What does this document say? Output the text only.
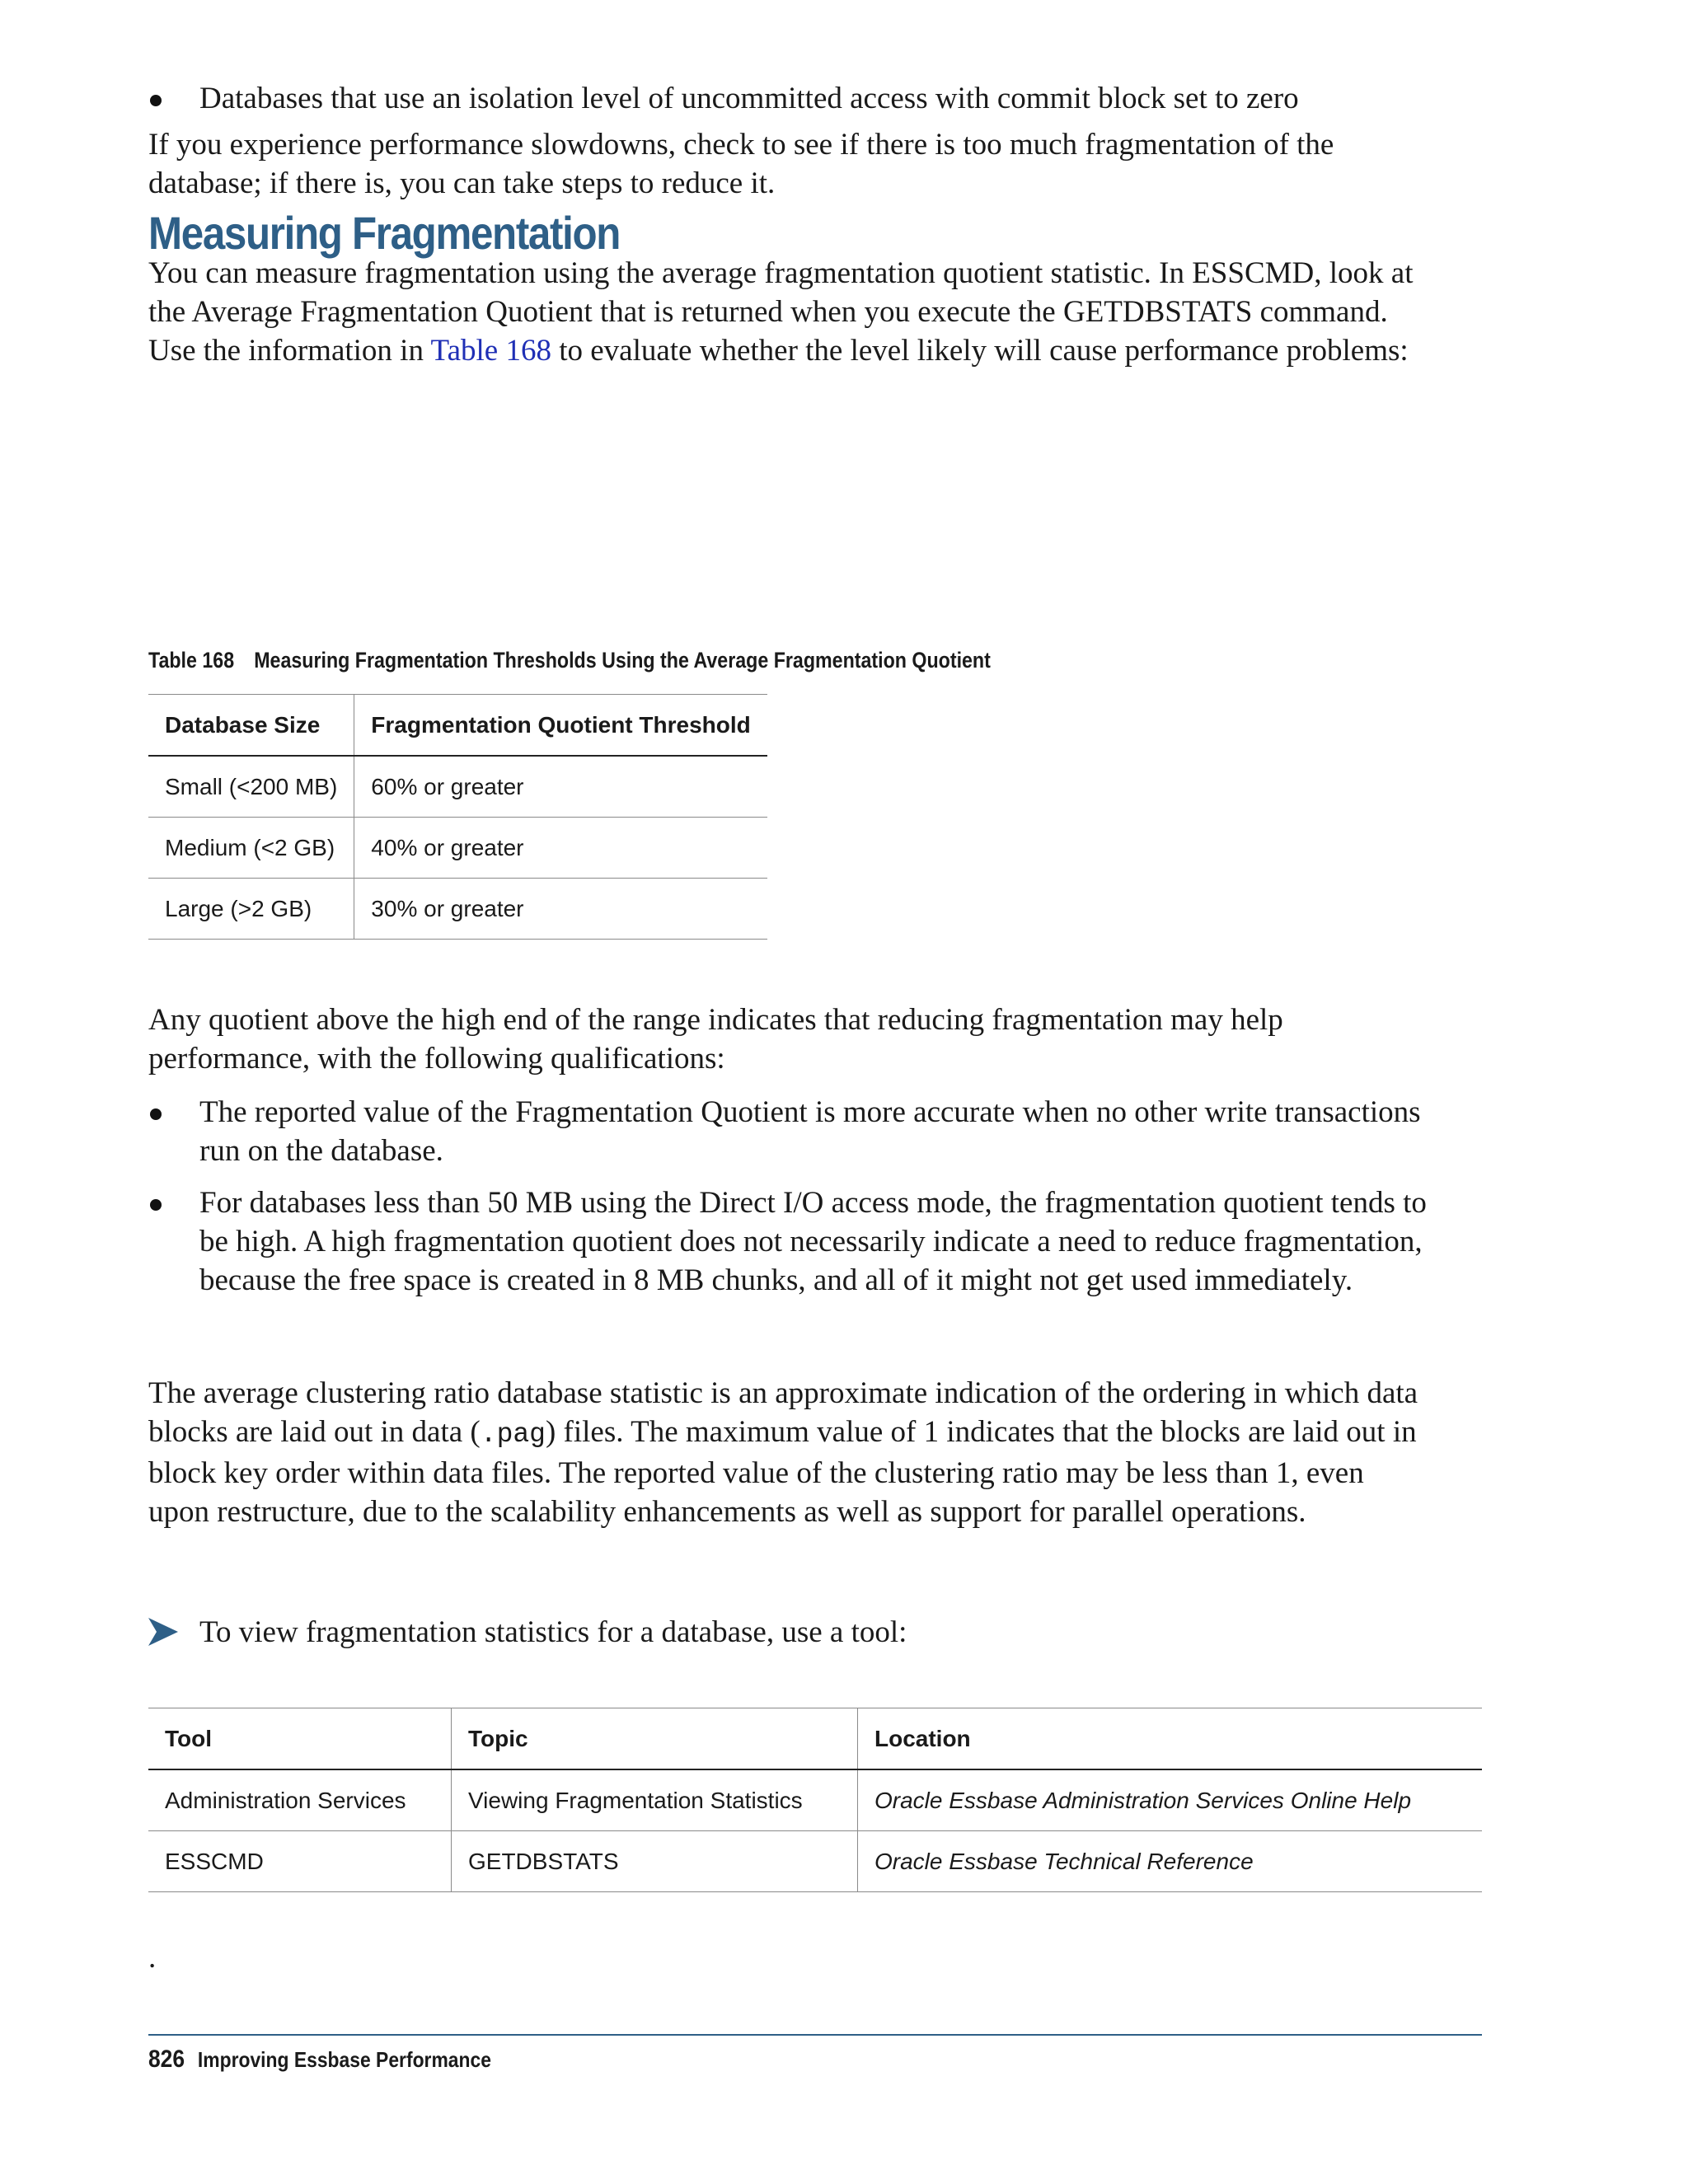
Databases that use an isolation level of uncommitted access with commit block set to zero

If you experience performance slowdowns, check to see if there is too much fragmentation of the database; if there is, you can take steps to reduce it.

Measuring Fragmentation

You can measure fragmentation using the average fragmentation quotient statistic. In ESSCMD, look at the Average Fragmentation Quotient that is returned when you execute the GETDBSTATS command. Use the information in Table 168 to evaluate whether the level likely will cause performance problems:

Table 168 Measuring Fragmentation Thresholds Using the Average Fragmentation Quotient
Database Size	Fragmentation Quotient Threshold
Small (<200 MB)	60% or greater
Medium (<2 GB)	40% or greater
Large (>2 GB)	30% or greater

Any quotient above the high end of the range indicates that reducing fragmentation may help performance, with the following qualifications:

The reported value of the Fragmentation Quotient is more accurate when no other write transactions run on the database.
For databases less than 50 MB using the Direct I/O access mode, the fragmentation quotient tends to be high. A high fragmentation quotient does not necessarily indicate a need to reduce fragmentation, because the free space is created in 8 MB chunks, and all of it might not get used immediately.

The average clustering ratio database statistic is an approximate indication of the ordering in which data blocks are laid out in data (.pag) files. The maximum value of 1 indicates that the blocks are laid out in block key order within data files. The reported value of the clustering ratio may be less than 1, even upon restructure, due to the scalability enhancements as well as support for parallel operations.

To view fragmentation statistics for a database, use a tool:
Tool	Topic	Location
Administration Services	Viewing Fragmentation Statistics	Oracle Essbase Administration Services Online Help
ESSCMD	GETDBSTATS	Oracle Essbase Technical Reference

.

826 Improving Essbase Performance
